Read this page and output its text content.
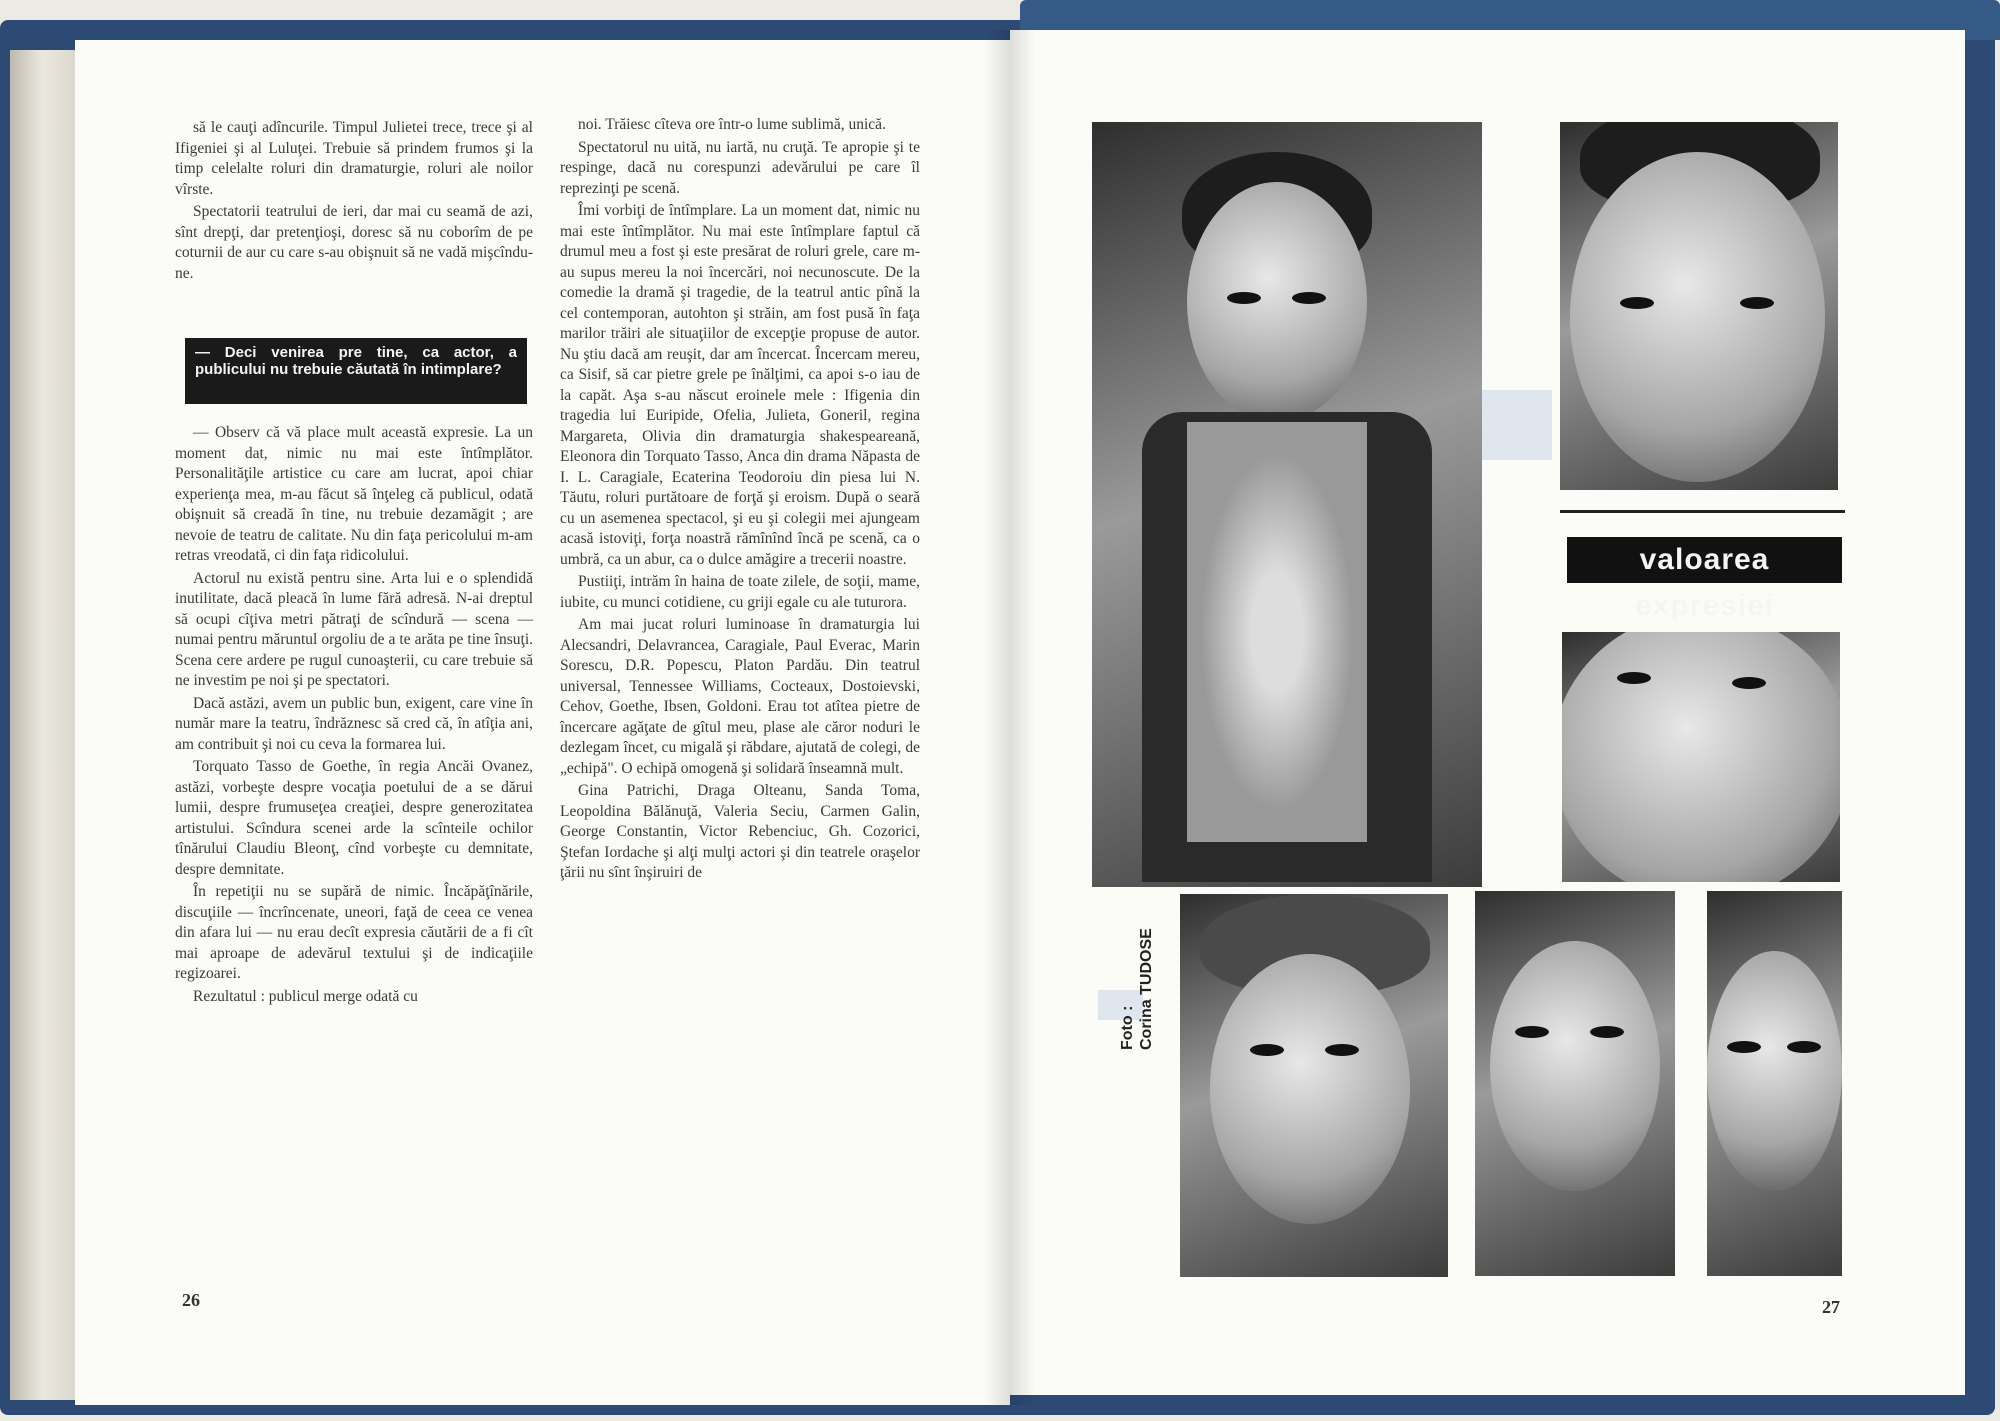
să le cauţi adîncurile. Timpul Julietei trece, trece şi al Ifigeniei şi al Luluţei. Trebuie să prindem frumos şi la timp celelalte roluri din dramaturgie, roluri ale noilor vîrste.

Spectatorii teatrului de ieri, dar mai cu seamă de azi, sînt drepţi, dar pretenţioşi, doresc să nu coborîm de pe coturnii de aur cu care s-au obişnuit să ne vadă mişcîndu-ne.

— Deci venirea pre tine, ca actor, a publicului nu trebuie căutată în intimplare?

— Observ că vă place mult această expresie. La un moment dat, nimic nu mai este întîmplător. Personalităţile artistice cu care am lucrat, apoi chiar experienţa mea, m-au făcut să înţeleg că publicul, odată obişnuit să creadă în tine, nu trebuie dezamăgit ; are nevoie de teatru de calitate. Nu din faţa pericolului m-am retras vreodată, ci din faţa ridicolului.

Actorul nu există pentru sine. Arta lui e o splendidă inutilitate, dacă pleacă în lume fără adresă. N-ai dreptul să ocupi cîţiva metri pătraţi de scîndură — scena — numai pentru măruntul orgoliu de a te arăta pe tine însuţi. Scena cere ardere pe rugul cunoaşterii, cu care trebuie să ne investim pe noi şi pe spectatori.

Dacă astăzi, avem un public bun, exigent, care vine în număr mare la teatru, îndrăznesc să cred că, în atîţia ani, am contribuit şi noi cu ceva la formarea lui.

Torquato Tasso de Goethe, în regia Ancăi Ovanez, astăzi, vorbeşte despre vocaţia poetului de a se dărui lumii, despre frumuseţea creaţiei, despre generozitatea artistului. Scîndura scenei arde la scînteile ochilor tînărului Claudiu Bleonţ, cînd vorbeşte cu demnitate, despre demnitate.

În repetiţii nu se supără de nimic. Încăpăţînările, discuţiile — încrîncenate, uneori, faţă de ceea ce venea din afara lui — nu erau decît expresia căutării de a fi cît mai aproape de adevărul textului şi de indicaţiile regizoarei.

Rezultatul : publicul merge odată cu

noi. Trăiesc cîteva ore într-o lume sublimă, unică.

Spectatorul nu uită, nu iartă, nu cruţă. Te apropie şi te respinge, dacă nu corespunzi adevărului pe care îl reprezinţi pe scenă.

Îmi vorbiţi de întîmplare. La un moment dat, nimic nu mai este întîmplător. Nu mai este întîmplare faptul că drumul meu a fost şi este presărat de roluri grele, care m-au supus mereu la noi încercări, noi necunoscute. De la comedie la dramă şi tragedie, de la teatrul antic pînă la cel contemporan, autohton şi străin, am fost pusă în faţa marilor trăiri ale situaţiilor de excepţie propuse de autor. Nu ştiu dacă am reuşit, dar am încercat. Încercam mereu, ca Sisif, să car pietre grele pe înălţimi, ca apoi s-o iau de la capăt. Aşa s-au născut eroinele mele : Ifigenia din tragedia lui Euripide, Ofelia, Julieta, Goneril, regina Margareta, Olivia din dramaturgia shakespeareană, Eleonora din Torquato Tasso, Anca din drama Năpasta de I. L. Caragiale, Ecaterina Teodoroiu din piesa lui N. Tăutu, roluri purtătoare de forţă şi eroism. După o seară cu un asemenea spectacol, şi eu şi colegii mei ajungeam acasă istoviţi, forţa noastră rămînînd încă pe scenă, ca o umbră, ca un abur, ca o dulce amăgire a trecerii noastre.

Pustiiţi, intrăm în haina de toate zilele, de soţii, mame, iubite, cu munci cotidiene, cu griji egale cu ale tuturora.

Am mai jucat roluri luminoase în dramaturgia lui Alecsandri, Delavrancea, Caragiale, Paul Everac, Marin Sorescu, D.R. Popescu, Platon Pardău. Din teatrul universal, Tennessee Williams, Cocteaux, Dostoievski, Cehov, Goethe, Ibsen, Goldoni. Erau tot atîtea pietre de încercare agăţate de gîtul meu, plase ale căror noduri le dezlegam încet, cu migală şi răbdare, ajutată de colegi, de „echipă". O echipă omogenă şi solidară înseamnă mult.

Gina Patrichi, Draga Olteanu, Sanda Toma, Leopoldina Bălănuţă, Valeria Seciu, Carmen Galin, George Constantin, Victor Rebenciuc, Gh. Cozorici, Ştefan Iordache şi alţi mulţi actori şi din teatrele oraşelor ţării nu sînt înşiruiri de

26
valoarea expresiei
Foto : Corina TUDOSE
27
